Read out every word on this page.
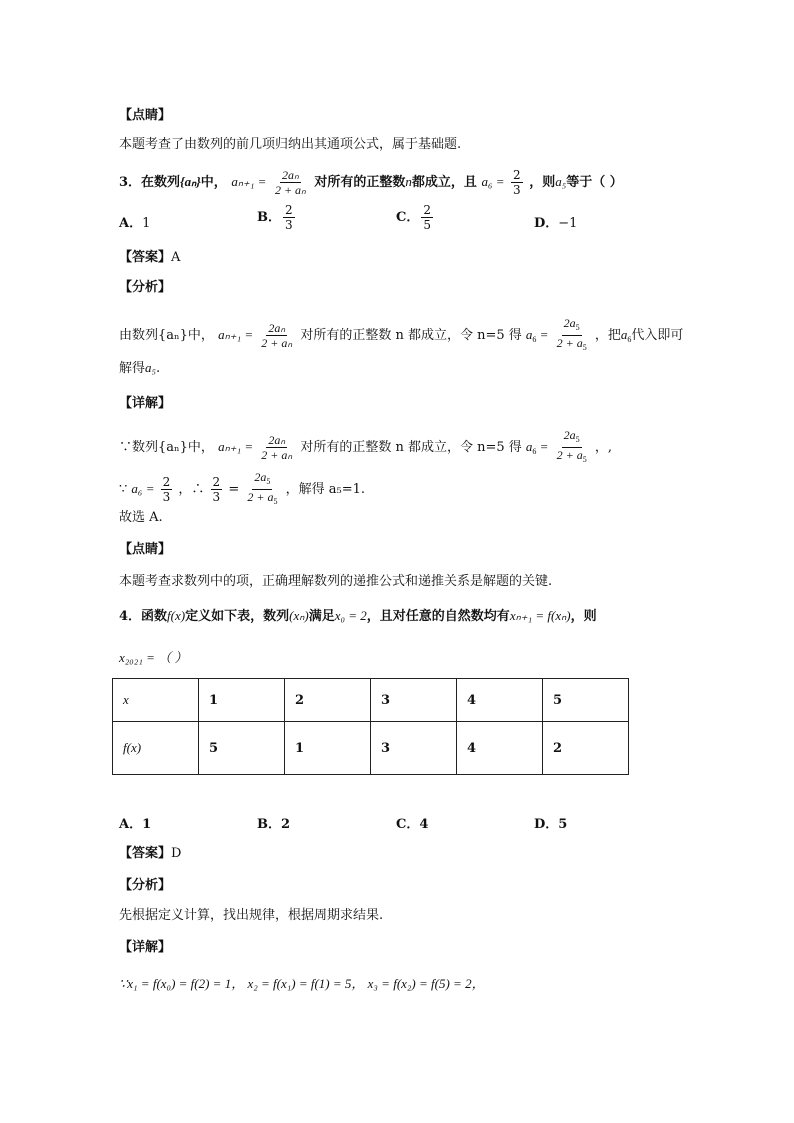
【点睛】
本题考查了由数列的前几项归纳出其通项公式，属于基础题.
3．在数列{aₙ}中， $a_{n+1} = \frac{\text{2aₙ}}{\text{2 + aₙ}}$ 对所有的正整数n都成立，且 $a_6 = \frac{2}{3}$ ，则a₅等于（ ）
A．1	B． $\frac{2}{3}$	C． $\frac{2}{5}$	D．−1
【答案】A
【分析】
由数列{aₙ}中， $a_{n+1} = \frac{\text{2aₙ}}{\text{2 + aₙ}}$ 对所有的正整数 n 都成立，令 n=5 得 $a_6 = \frac{2a_5}{2 + a_5}$ ，把$a_6$代入即可
解得a₅.
【详解】
∵数列{aₙ}中， $a_{n+1} = \frac{\text{2aₙ}}{\text{2 + aₙ}}$ 对所有的正整数 n 都成立，令 n=5 得 $a_6 = \frac{2a_5}{2 + a_5}$ ，,
∵ $a_6 = \frac{2}{3}$ ，∴ $\frac{2}{3} = \frac{2a_5}{2 + a_5}$ ，解得 a₅=1.
故选 A.
【点睛】
本题考查求数列中的项，正确理解数列的递推公式和递推关系是解题的关键.
4．函数f(x)定义如下表，数列(xₙ)满足x₀ = 2，且对任意的自然数均有xₙ₊₁ = f(xₙ)，则
x₂₀₂₁ = （ ）
x	1	2	3	4	5
f(x)	5	1	3	4	2
A．1	B．2	C．4	D．5
【答案】D
【分析】
先根据定义计算，找出规律，根据周期求结果.
【详解】
∵x₁ = f(x₀) = f(2) = 1， x₂ = f(x₁) = f(1) = 5， x₃ = f(x₂) = f(5) = 2，
